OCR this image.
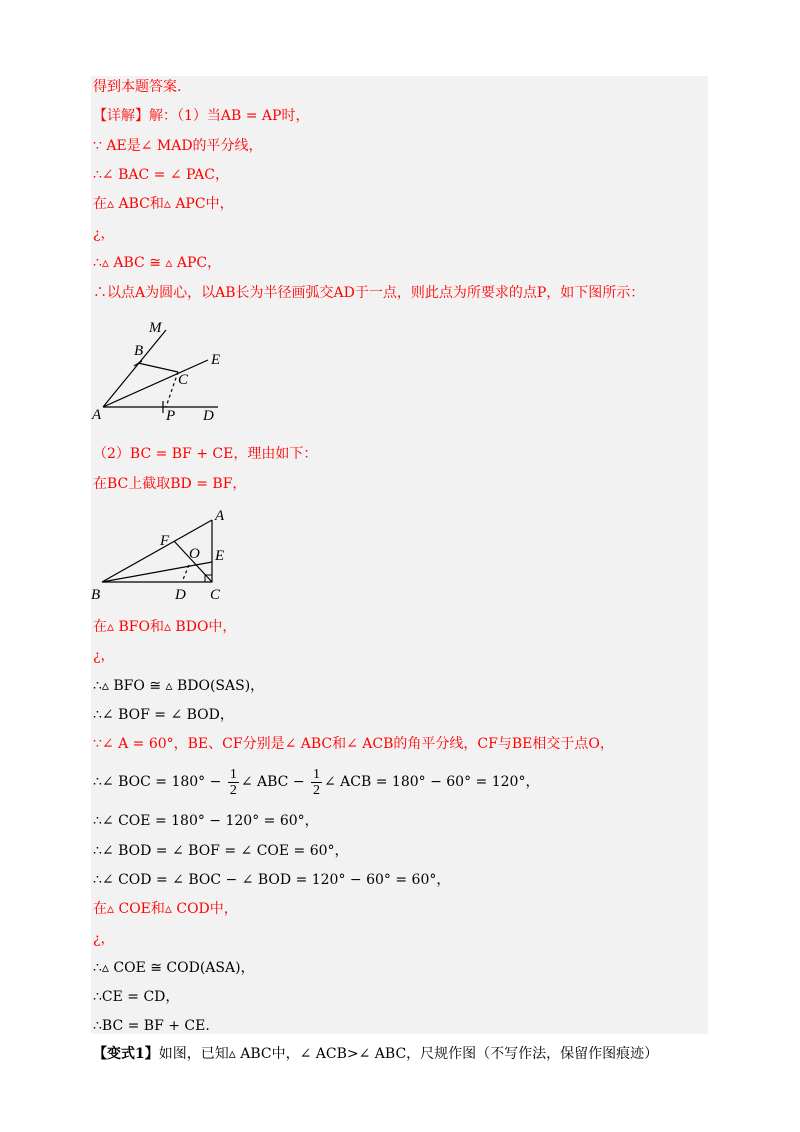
得到本题答案.
【详解】解：（1）当AB = AP时，
∵ AE是∠ MAD的平分线，
∴∠ BAC = ∠ PAC，
在▵ ABC和▵ APC中，
¿，
∴▵ ABC ≅ ▵ APC，
∴以点A为圆心，以AB长为半径画弧交AD于一点，则此点为所要求的点P，如下图所示：
M
B
C
E
A	P D
（2）BC = BF + CE，理由如下：
在BC上截取BD = BF，
A
F
O E
B	D C
在▵ BFO和▵ BDO中，
¿，
∴▵ BFO ≅ ▵ BDO(SAS)，
∴∠ BOF = ∠ BOD，
∵∠ A = 60°，BE、CF分别是∠ ABC和∠ ACB的角平分线，CF与BE相交于点O，
∴∠ BOC = $180^\circ - \frac{1}{2}$ ∠ ABC − $\frac{1}{2}$ ∠ ACB = 180° − 60° = 120°，
∴∠ COE = 180° − 120° = 60°，
∴∠ BOD = ∠ BOF = ∠ COE = 60°，
∴∠ COD = ∠ BOC − ∠ BOD = 120° − 60° = 60°，
在▵ COE和▵ COD中，
¿，
∴▵ COE ≅ COD(ASA)，
∴CE = CD，
∴BC = BF + CE.
【变式1】如图，已知▵ ABC中，∠ ACB>∠ ABC，尺规作图（不写作法，保留作图痕迹）
